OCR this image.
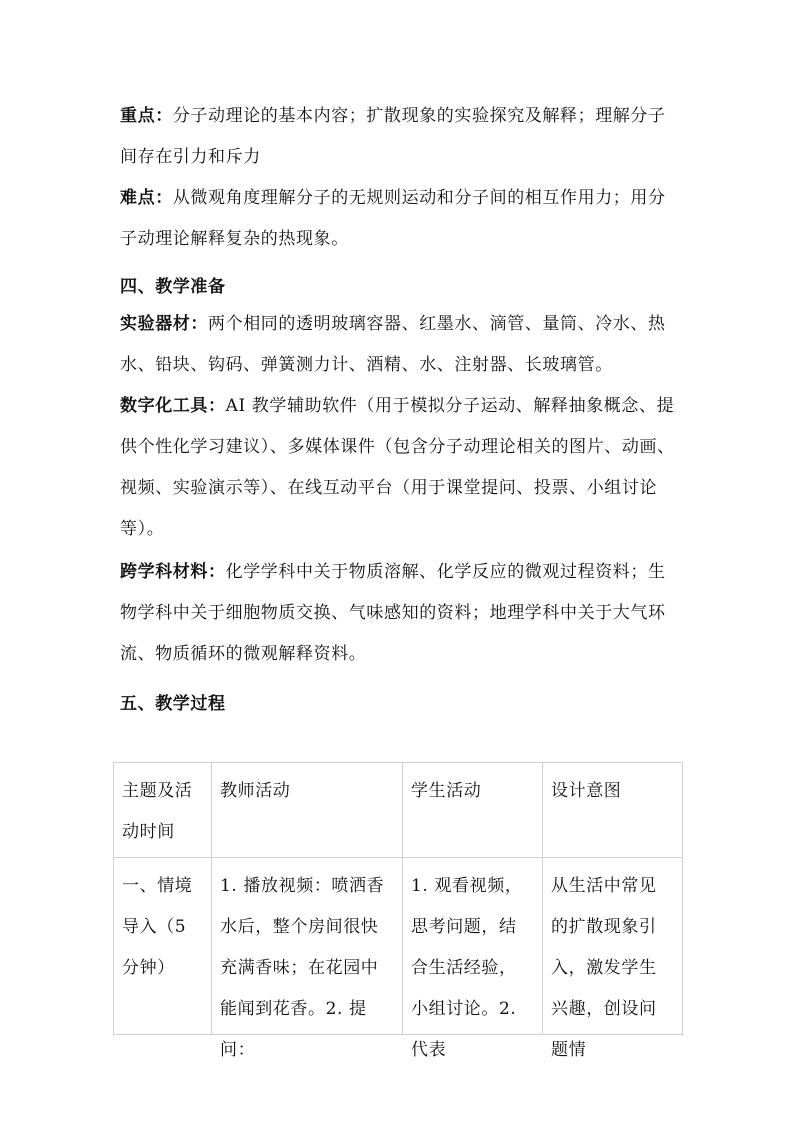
重点：分子动理论的基本内容；扩散现象的实验探究及解释；理解分子间存在引力和斥力
难点：从微观角度理解分子的无规则运动和分子间的相互作用力；用分子动理论解释复杂的热现象。
四、教学准备
实验器材：两个相同的透明玻璃容器、红墨水、滴管、量筒、冷水、热水、铅块、钩码、弹簧测力计、酒精、水、注射器、长玻璃管。
数字化工具：AI 教学辅助软件（用于模拟分子运动、解释抽象概念、提供个性化学习建议）、多媒体课件（包含分子动理论相关的图片、动画、视频、实验演示等）、在线互动平台（用于课堂提问、投票、小组讨论等）。
跨学科材料：化学学科中关于物质溶解、化学反应的微观过程资料；生物学科中关于细胞物质交换、气味感知的资料；地理学科中关于大气环流、物质循环的微观解释资料。
五、教学过程
主题及活动时间	教师活动	学生活动	设计意图

一、情境导入（5分钟）	1. 播放视频：喷洒香水后，整个房间很快充满香味；在花园中能闻到花香。2. 提问：	1. 观看视频，思考问题，结合生活经验，小组讨论。2. 代表	从生活中常见的扩散现象引入，激发学生兴趣，创设问题情
